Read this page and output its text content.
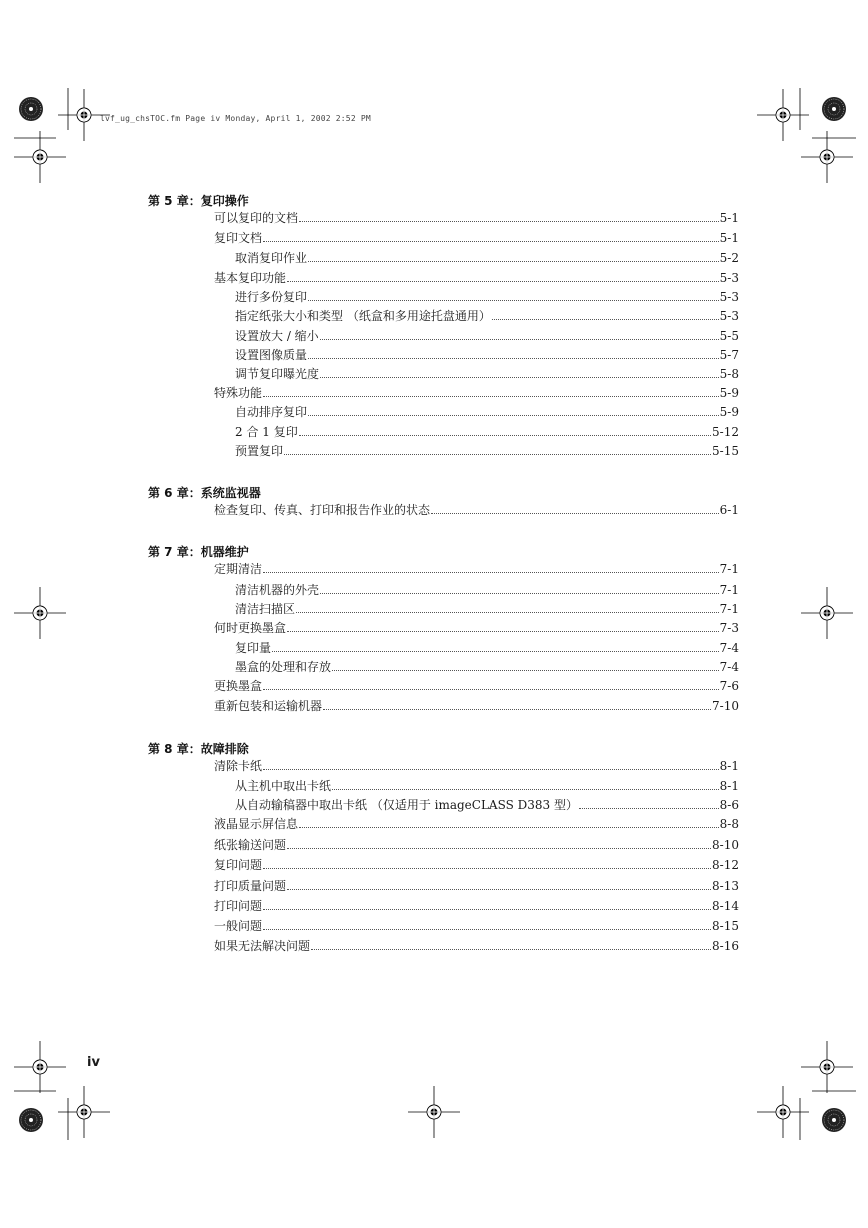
lvf_ug_chsTOC.fm Page iv Monday, April 1, 2002 2:52 PM
第 5 章：复印操作
可以复印的文档	5-1
复印文档	5-1
取消复印作业	5-2
基本复印功能	5-3
进行多份复印	5-3
指定纸张大小和类型 （纸盒和多用途托盘通用）	5-3
设置放大 / 缩小	5-5
设置图像质量	5-7
调节复印曝光度	5-8
特殊功能	5-9
自动排序复印	5-9
2 合 1 复印	5-12
预置复印	5-15
第 6 章：系统监视器
检查复印、传真、打印和报告作业的状态	6-1
第 7 章：机器维护
定期清洁	7-1
清洁机器的外壳	7-1
清洁扫描区	7-1
何时更换墨盒	7-3
复印量	7-4
墨盒的处理和存放	7-4
更换墨盒	7-6
重新包装和运输机器	7-10
第 8 章：故障排除
清除卡纸	8-1
从主机中取出卡纸	8-1
从自动输稿器中取出卡纸 （仅适用于 imageCLASS D383 型）	8-6
液晶显示屏信息	8-8
纸张输送问题	8-10
复印问题	8-12
打印质量问题	8-13
打印问题	8-14
一般问题	8-15
如果无法解决问题	8-16
iv
